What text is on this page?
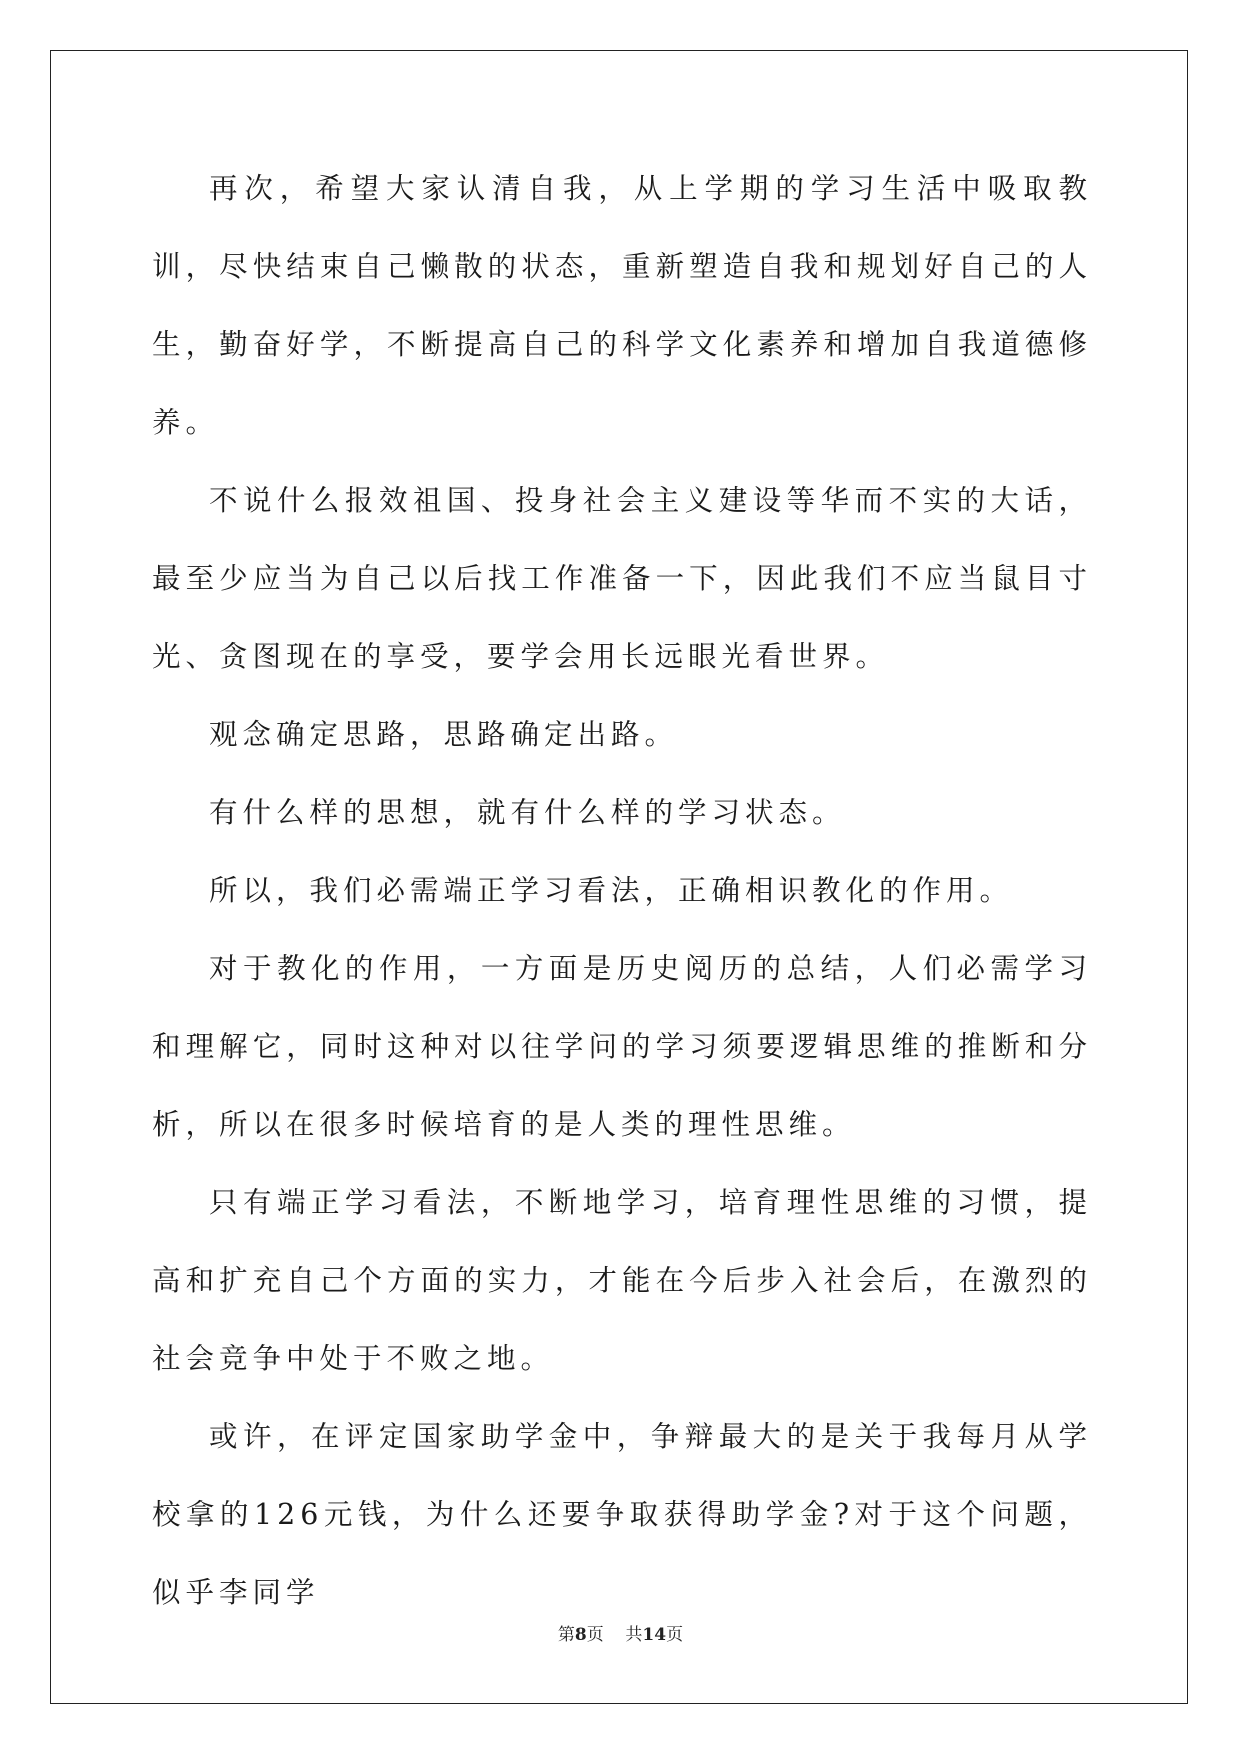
再次，希望大家认清自我，从上学期的学习生活中吸取教训，尽快结束自己懒散的状态，重新塑造自我和规划好自己的人生，勤奋好学，不断提高自己的科学文化素养和增加自我道德修养。

不说什么报效祖国、投身社会主义建设等华而不实的大话，最至少应当为自己以后找工作准备一下，因此我们不应当鼠目寸光、贪图现在的享受，要学会用长远眼光看世界。

观念确定思路，思路确定出路。

有什么样的思想，就有什么样的学习状态。

所以，我们必需端正学习看法，正确相识教化的作用。

对于教化的作用，一方面是历史阅历的总结，人们必需学习和理解它，同时这种对以往学问的学习须要逻辑思维的推断和分析，所以在很多时候培育的是人类的理性思维。

只有端正学习看法，不断地学习，培育理性思维的习惯，提高和扩充自己个方面的实力，才能在今后步入社会后，在激烈的社会竞争中处于不败之地。

或许，在评定国家助学金中，争辩最大的是关于我每月从学校拿的126元钱，为什么还要争取获得助学金?对于这个问题，似乎李同学

第8页 共14页
